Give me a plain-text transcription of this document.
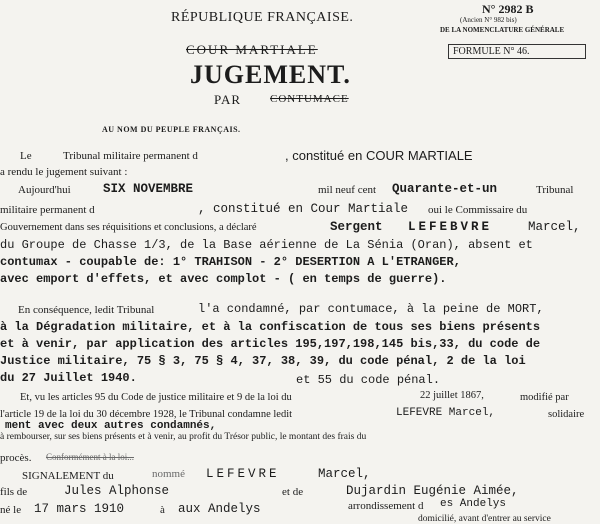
RÉPUBLIQUE FRANÇAISE.
COUR MARTIALE
JUGEMENT.
PAR	CONTUMACE
N° 2982 B
(Ancien N° 982 bis)
DE LA NOMENCLATURE GÉNÉRALE
FORMULE N° 46.
AU NOM DU PEUPLE FRANÇAIS.
Le	Tribunal militaire permanent d	, constitué en COUR MARTIALE
a rendu le jugement suivant :
Aujourd'hui	SIX NOVEMBRE	mil neuf cent Quarante-et-un	Tribunal
militaire permanent d	, constitué en Cour Martiale oui le Commissaire du
Gouvernement dans ses réquisitions et conclusions, a déclaré	Sergent LEFEBVRE	Marcel,
du Groupe de Chasse 1/3, de la Base aérienne de La Sénia (Oran), absent et
contumax - coupable de: 1° TRAHISON - 2° DESERTION A L'ETRANGER,
avec emport d'effets, et avec complot - ( en temps de guerre).
En conséquence, ledit Tribunal	l'a condamné, par contumace, à la peine de MORT,
à la Dégradation militaire, et à la confiscation de tous ses biens présents
et à venir, par application des articles 195,197,198,145 bis,33, du code de
Justice militaire, 75 § 3, 75 § 4, 37, 38, 39, du code pénal, 2 de la loi
du 27 Juillet 1940.	et 55 du code pénal.
Et, vu les articles 95 du Code de justice militaire et 9 de la loi du	22 juillet 1867,	modifié par
l'article 19 de la loi du 30 décembre 1928, le Tribunal condamne ledit	LEFEVRE Marcel,	solidaire
ment avec deux autres condamnés,
à rembourser, sur ses biens présents et à venir, au profit du Trésor public, le montant des frais du
procès. Conformément à la loi...
SIGNALEMENT du	nommé LEFEVRE	Marcel,
fils de	Jules Alphonse	et de	Dujardin Eugénie Aimée,
né le 17 mars 1910	à aux Andelys	arrondissement d es Andelys
domicilié, avant d'entrer au service
